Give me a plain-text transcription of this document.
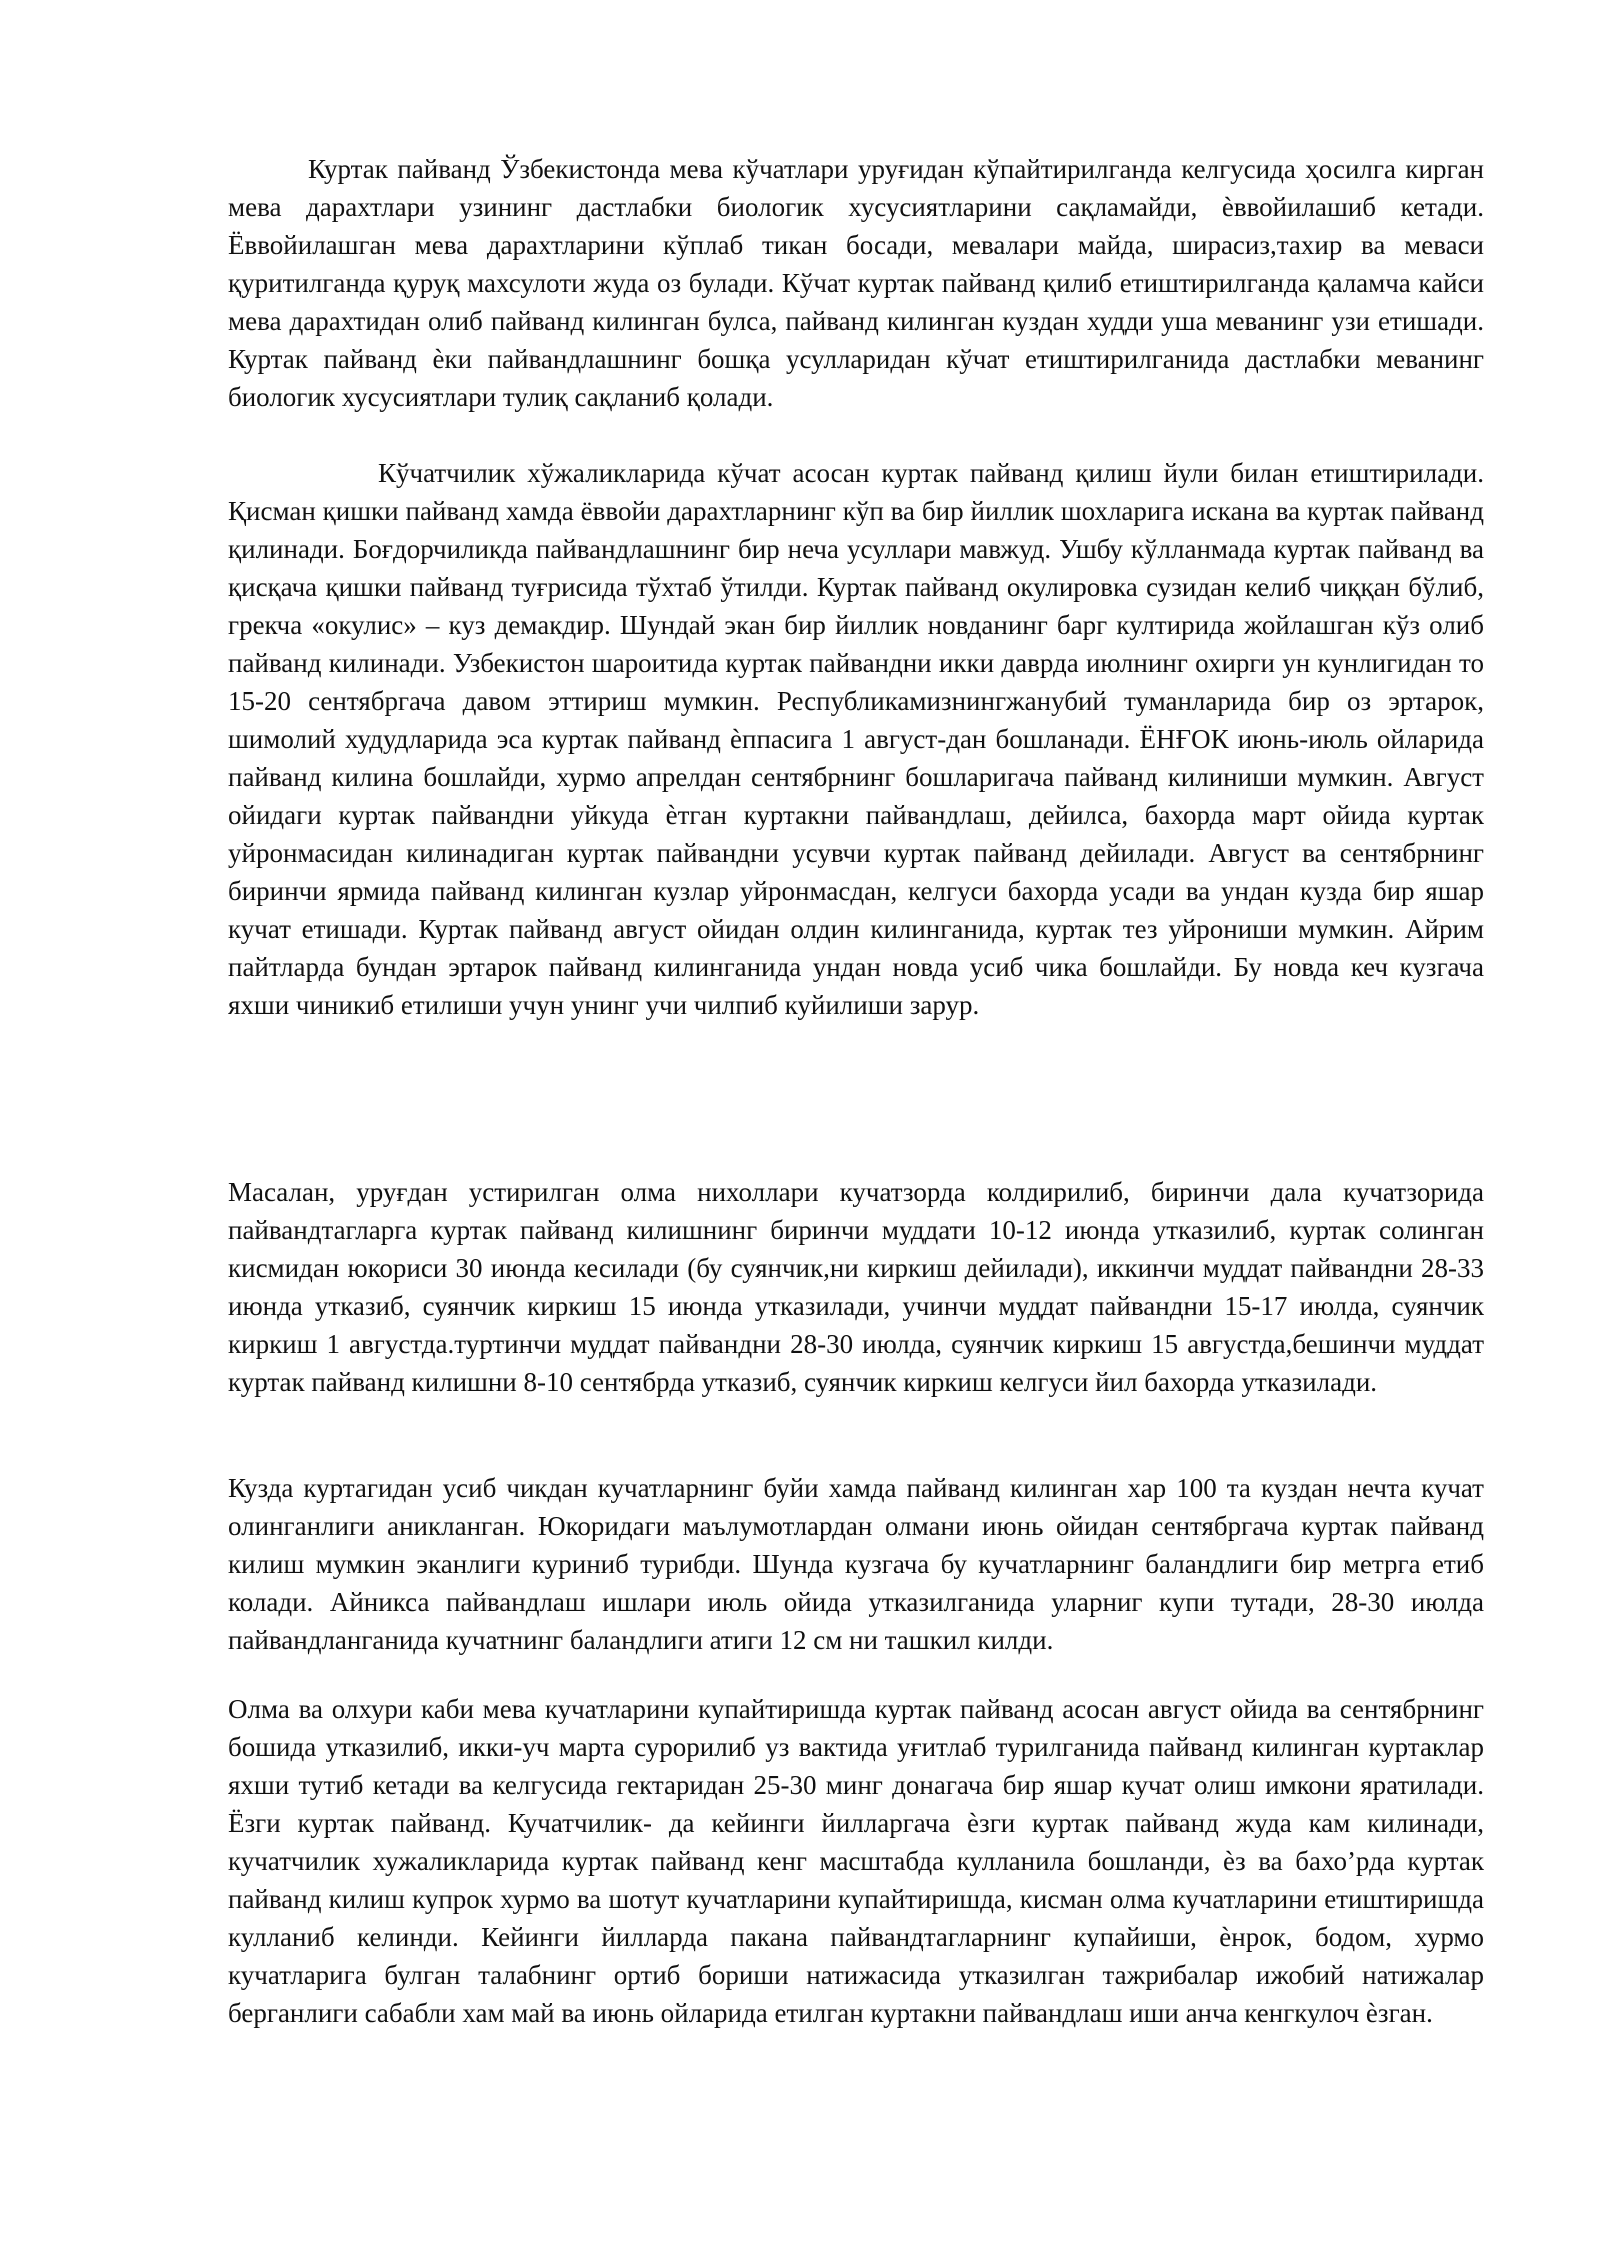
Куртак пайванд Ўзбекистонда мева кўчатлари уруғидан кўпайтирилганда келгусида ҳосилга кирган мева дарахтлари узининг дастлабки биологик хусусиятларини сақламайди, ѐввойилашиб кетади. Ёввойилашган мева дарахтларини кўплаб тикан босади, мевалари майда, ширасиз,тахир ва меваси қуритилганда қуруқ махсулоти жуда оз булади. Кўчат куртак пайванд қилиб етиштирилганда қаламча кайси мева дарахтидан олиб пайванд килинган булса, пайванд килинган куздан худди уша меванинг узи етишади. Куртак пайванд ѐки пайвандлашнинг бошқа усулларидан кўчат етиштирилганида дастлабки меванинг биологик хусусиятлари тулиқ сақланиб қолади.

Кўчатчилик хўжаликларида кўчат асосан куртак пайванд қилиш йули билан етиштирилади. Қисман қишки пайванд хамда ёввойи дарахтларнинг кўп ва бир йиллик шохларига искана ва куртак пайванд қилинади. Боғдорчиликда пайвандлашнинг бир неча усуллари мавжуд. Ушбу кўлланмада куртак пайванд ва қисқача қишки пайванд туғрисида тўхтаб ўтилди. Куртак пайванд окулировка сузидан келиб чиққан бўлиб, грекча «окулис» – куз демакдир. Шундай экан бир йиллик новданинг барг култирида жойлашган кўз олиб пайванд килинади. Узбекистон шароитида куртак пайвандни икки даврда июлнинг охирги ун кунлигидан то 15-20 сентябргача давом эттириш мумкин. Республикамизнингжанубий туманларида бир оз эртарок, шимолий худудларида эса куртак пайванд ѐппасига 1 август-дан бошланади. ЁНҒОК июнь-июль ойларида пайванд килина бошлайди, хурмо апрелдан сентябрнинг бошларигача пайванд килиниши мумкин. Август ойидаги куртак пайвандни уйкуда ѐтган куртакни пайвандлаш, дейилса, бахорда март ойида куртак уйронмасидан килинадиган куртак пайвандни усувчи куртак пайванд дейилади. Август ва сентябрнинг биринчи ярмида пайванд килинган кузлар уйронмасдан, келгуси бахорда усади ва ундан кузда бир яшар кучат етишади. Куртак пайванд август ойидан олдин килинганида, куртак тез уйрониши мумкин. Айрим пайтларда бундан эртарок пайванд килинганида ундан новда усиб чика бошлайди. Бу новда кеч кузгача яхши чиникиб етилиши учун унинг учи чилпиб куйилиши зарур.

Масалан, уруғдан устирилган олма нихоллари кучатзорда колдирилиб, биринчи дала кучатзорида пайвандтагларга куртак пайванд килишнинг биринчи муддати 10-12 июнда утказилиб, куртак солинган кисмидан юкориси 30 июнда кесилади (бу суянчик,ни киркиш дейилади), иккинчи муддат пайвандни 28-33 июнда утказиб, суянчик киркиш 15 июнда утказилади, учинчи муддат пайвандни 15-17 июлда, суянчик киркиш 1 августда.туртинчи муддат пайвандни 28-30 июлда, суянчик киркиш 15 августда,бешинчи муддат куртак пайванд килишни 8-10 сентябрда утказиб, суянчик киркиш келгуси йил бахорда утказилади.

Кузда куртагидан усиб чикдан кучатларнинг буйи хамда пайванд килинган хар 100 та куздан нечта кучат олинганлиги аникланган. Юкоридаги маълумотлардан олмани июнь ойидан сентябргача куртак пайванд килиш мумкин эканлиги куриниб турибди. Шунда кузгача бу кучатларнинг баландлиги бир метрга етиб колади. Айникса пайвандлаш ишлари июль ойида утказилганида уларниг купи тутади, 28-30 июлда пайвандланганида кучатнинг баландлиги атиги 12 см ни ташкил килди.

Олма ва олхури каби мева кучатларини купайтиришда куртак пайванд асосан август ойида ва сентябрнинг бошида утказилиб, икки-уч марта сурорилиб уз вактида уғитлаб турилганида пайванд килинган куртаклар яхши тутиб кетади ва келгусида гектаридан 25-30 минг донагача бир яшар кучат олиш имкони яратилади. Ёзги куртак пайванд. Кучатчилик- да кейинги йилларгача ѐзги куртак пайванд жуда кам килинади, кучатчилик хужаликларида куртак пайванд кенг масштабда кулланила бошланди, ѐз ва бахо’рда куртак пайванд килиш купрок хурмо ва шотут кучатларини купайтиришда, кисман олма кучатларини етиштиришда кулланиб келинди. Кейинги йилларда пакана пайвандтагларнинг купайиши, ѐнрок, бодом, хурмо кучатларига булган талабнинг ортиб бориши натижасида утказилган тажрибалар ижобий натижалар берганлиги сабабли хам май ва июнь ойларида етилган куртакни пайвандлаш иши анча кенгкулоч ѐзган.
